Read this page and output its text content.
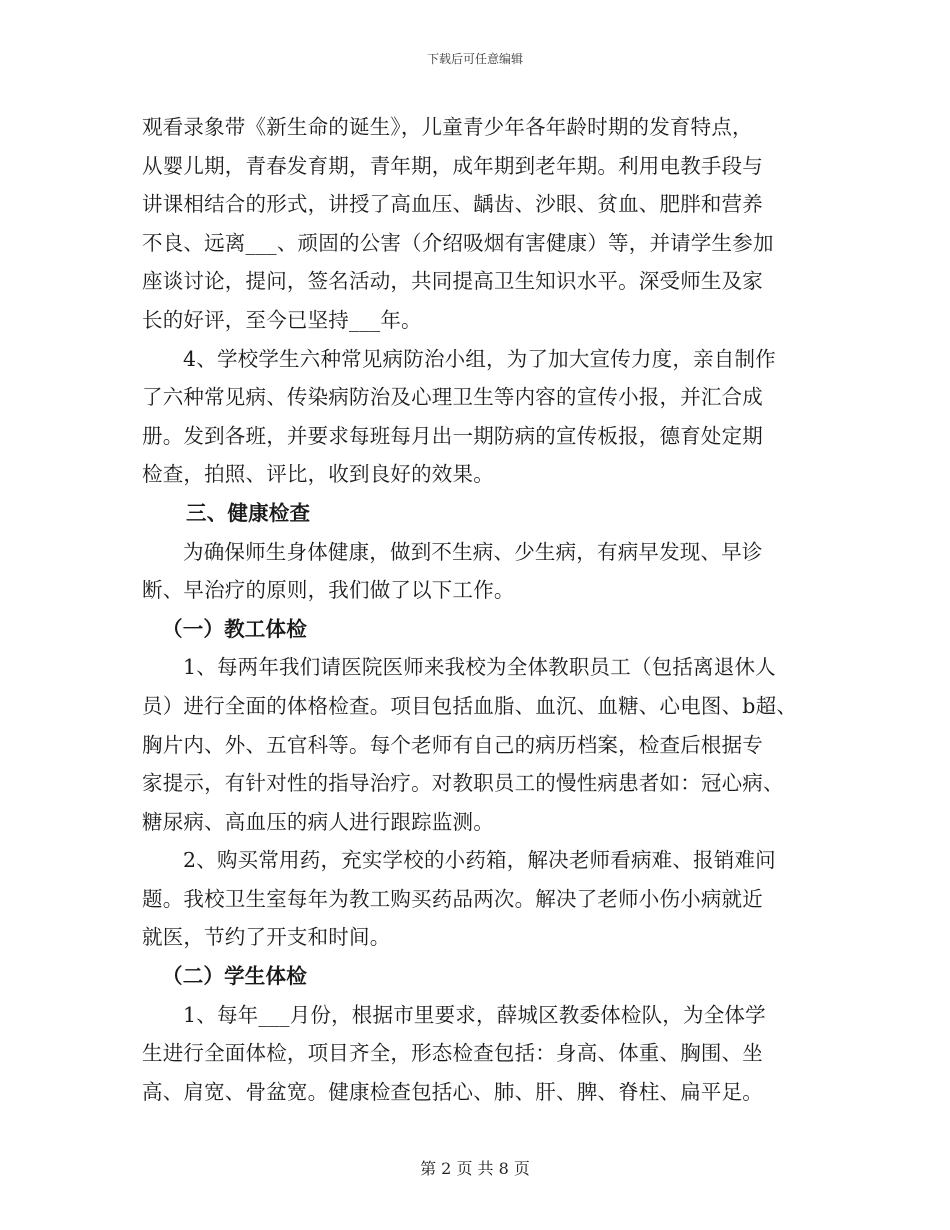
下载后可任意编辑

观看录象带《新生命的诞生》，儿童青少年各年龄时期的发育特点，

从婴儿期，青春发育期，青年期，成年期到老年期。利用电教手段与

讲课相结合的形式，讲授了高血压、龋齿、沙眼、贫血、肥胖和营养

不良、远离___、顽固的公害（介绍吸烟有害健康）等，并请学生参加

座谈讨论，提问，签名活动，共同提高卫生知识水平。深受师生及家

长的好评，至今已坚持___年。

4、学校学生六种常见病防治小组，为了加大宣传力度，亲自制作

了六种常见病、传染病防治及心理卫生等内容的宣传小报，并汇合成

册。发到各班，并要求每班每月出一期防病的宣传板报，德育处定期

检查，拍照、评比，收到良好的效果。

三、健康检查

为确保师生身体健康，做到不生病、少生病，有病早发现、早诊

断、早治疗的原则，我们做了以下工作。

（一）教工体检

1、每两年我们请医院医师来我校为全体教职员工（包括离退休人

员）进行全面的体格检查。项目包括血脂、血沉、血糖、心电图、b超、

胸片内、外、五官科等。每个老师有自己的病历档案，检查后根据专

家提示，有针对性的指导治疗。对教职员工的慢性病患者如：冠心病、

糖尿病、高血压的病人进行跟踪监测。

2、购买常用药，充实学校的小药箱，解决老师看病难、报销难问

题。我校卫生室每年为教工购买药品两次。解决了老师小伤小病就近

就医，节约了开支和时间。

（二）学生体检

1、每年___月份，根据市里要求，薛城区教委体检队，为全体学

生进行全面体检，项目齐全，形态检查包括：身高、体重、胸围、坐

高、肩宽、骨盆宽。健康检查包括心、肺、肝、脾、脊柱、扁平足。

第 2 页 共 8 页
